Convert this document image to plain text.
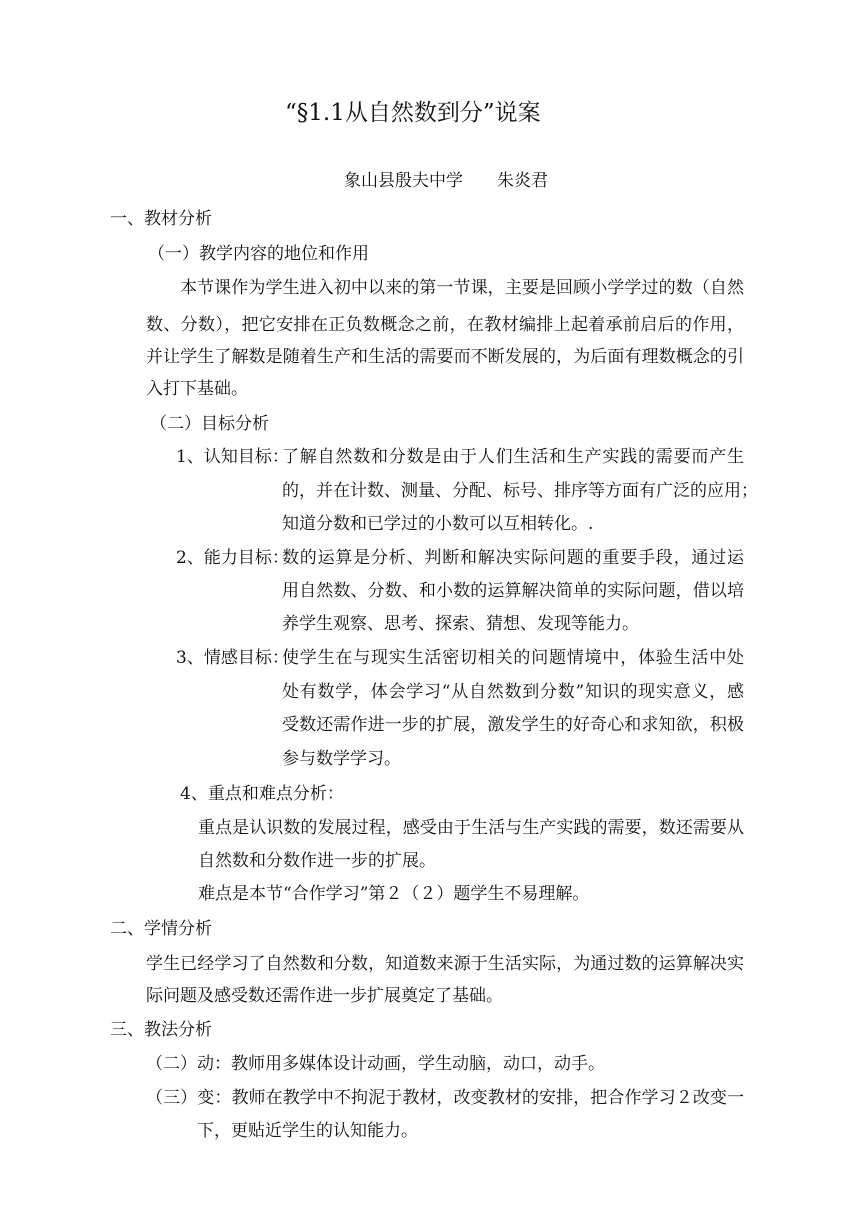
“§1.1从自然数到分”说案
象山县殷夫中学 朱炎君
一、教材分析
（一）教学内容的地位和作用
本节课作为学生进入初中以来的第一节课，主要是回顾小学学过的数（自然
数、分数），把它安排在正负数概念之前，在教材编排上起着承前启后的作用，
并让学生了解数是随着生产和生活的需要而不断发展的，为后面有理数概念的引
入打下基础。
（二）目标分析
1、认知目标：
了解自然数和分数是由于人们生活和生产实践的需要而产生
的，并在计数、测量、分配、标号、排序等方面有广泛的应用；
知道分数和已学过的小数可以互相转化。.
2、能力目标：
数的运算是分析、判断和解决实际问题的重要手段，通过运
用自然数、分数、和小数的运算解决简单的实际问题，借以培
养学生观察、思考、探索、猜想、发现等能力。
3、情感目标：
使学生在与现实生活密切相关的问题情境中，体验生活中处
处有数学，体会学习“从自然数到分数”知识的现实意义，感
受数还需作进一步的扩展，激发学生的好奇心和求知欲，积极
参与数学学习。
4、重点和难点分析：
重点是认识数的发展过程，感受由于生活与生产实践的需要，数还需要从
自然数和分数作进一步的扩展。
难点是本节“合作学习”第２（２）题学生不易理解。
二、学情分析
学生已经学习了自然数和分数，知道数来源于生活实际，为通过数的运算解决实
际问题及感受数还需作进一步扩展奠定了基础。
三、教法分析
（二）动：教师用多媒体设计动画，学生动脑，动口，动手。
（三）变：教师在教学中不拘泥于教材，改变教材的安排，把合作学习２改变一
下，更贴近学生的认知能力。
